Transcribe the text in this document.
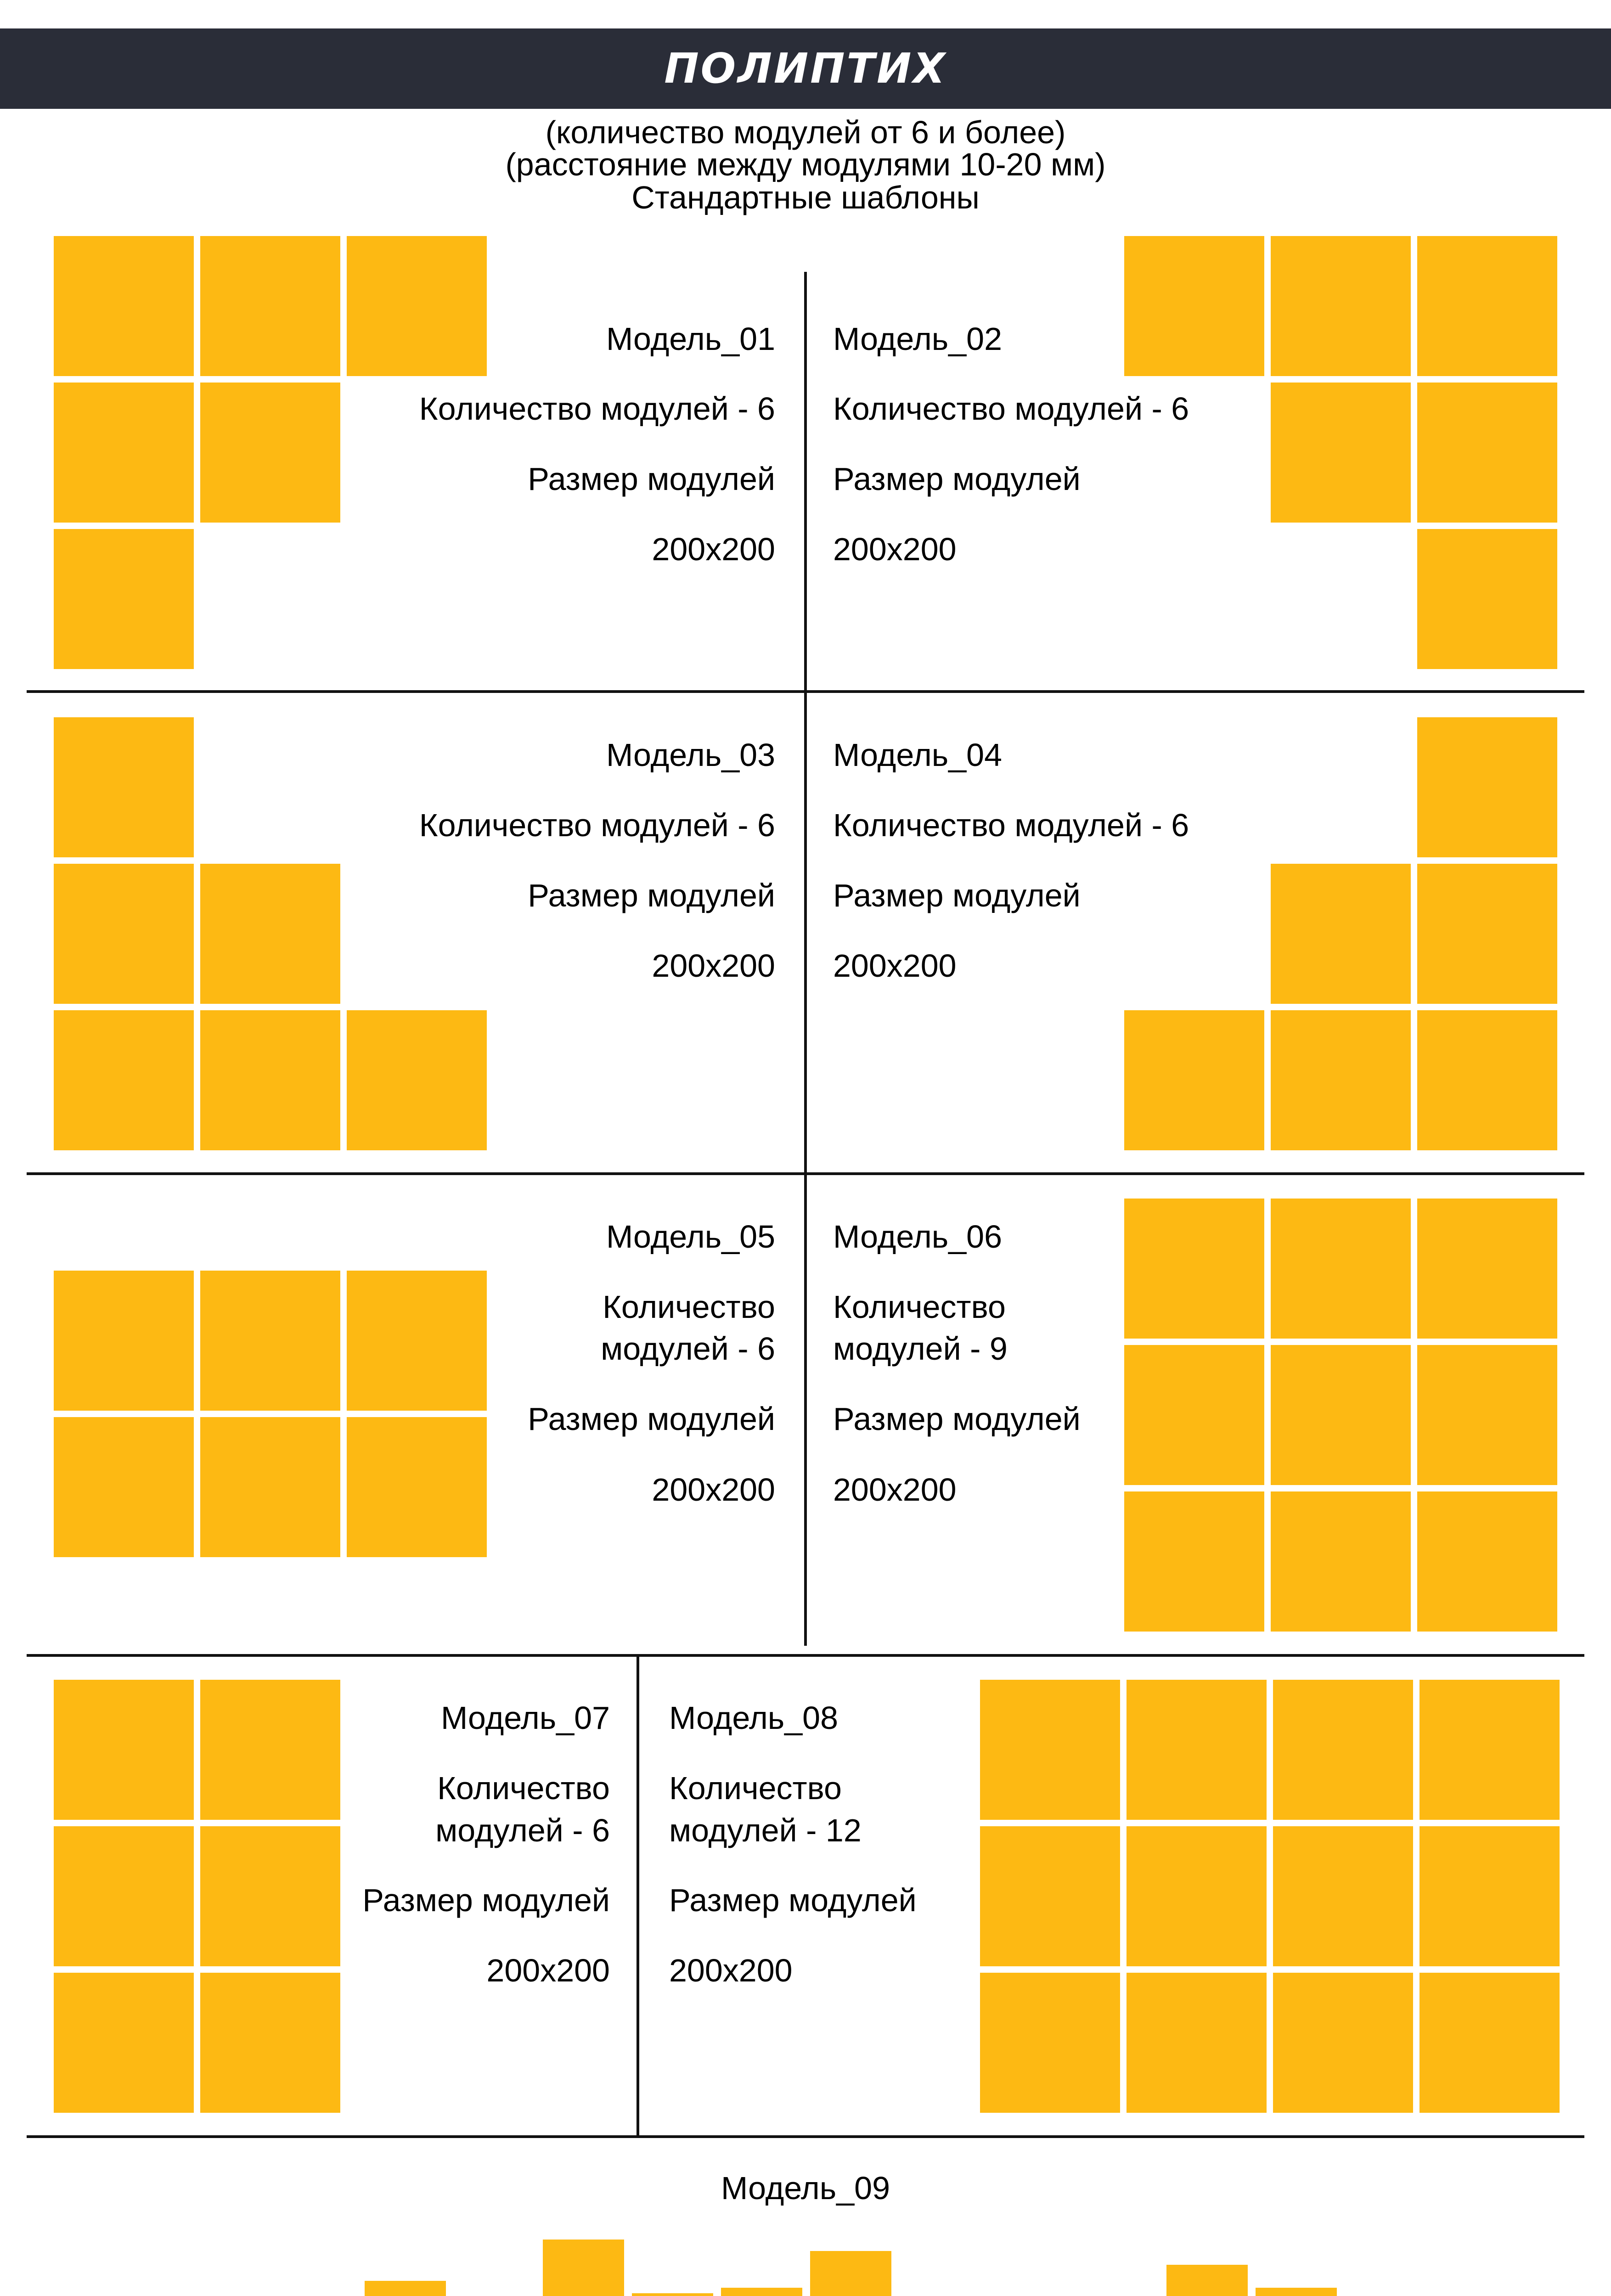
ПОЛИПТИХ
(количество модулей от 6 и более)
(расстояние между модулями 10-20 мм)
Стандартные шаблоны
Модель_01
Количество модулей - 6
Размер модулей
200x200
Модель_02
Количество модулей - 6
Размер модулей
200x200
Модель_03
Количество модулей - 6
Размер модулей
200x200
Модель_04
Количество модулей - 6
Размер модулей
200x200
Модель_05
Количество
модулей - 6
Размер модулей
200x200
Модель_06
Количество
модулей - 9
Размер модулей
200x200
Модель_07
Количество
модулей - 6
Размер модулей
200x200
Модель_08
Количество
модулей - 12
Размер модулей
200x200
Модель_09
